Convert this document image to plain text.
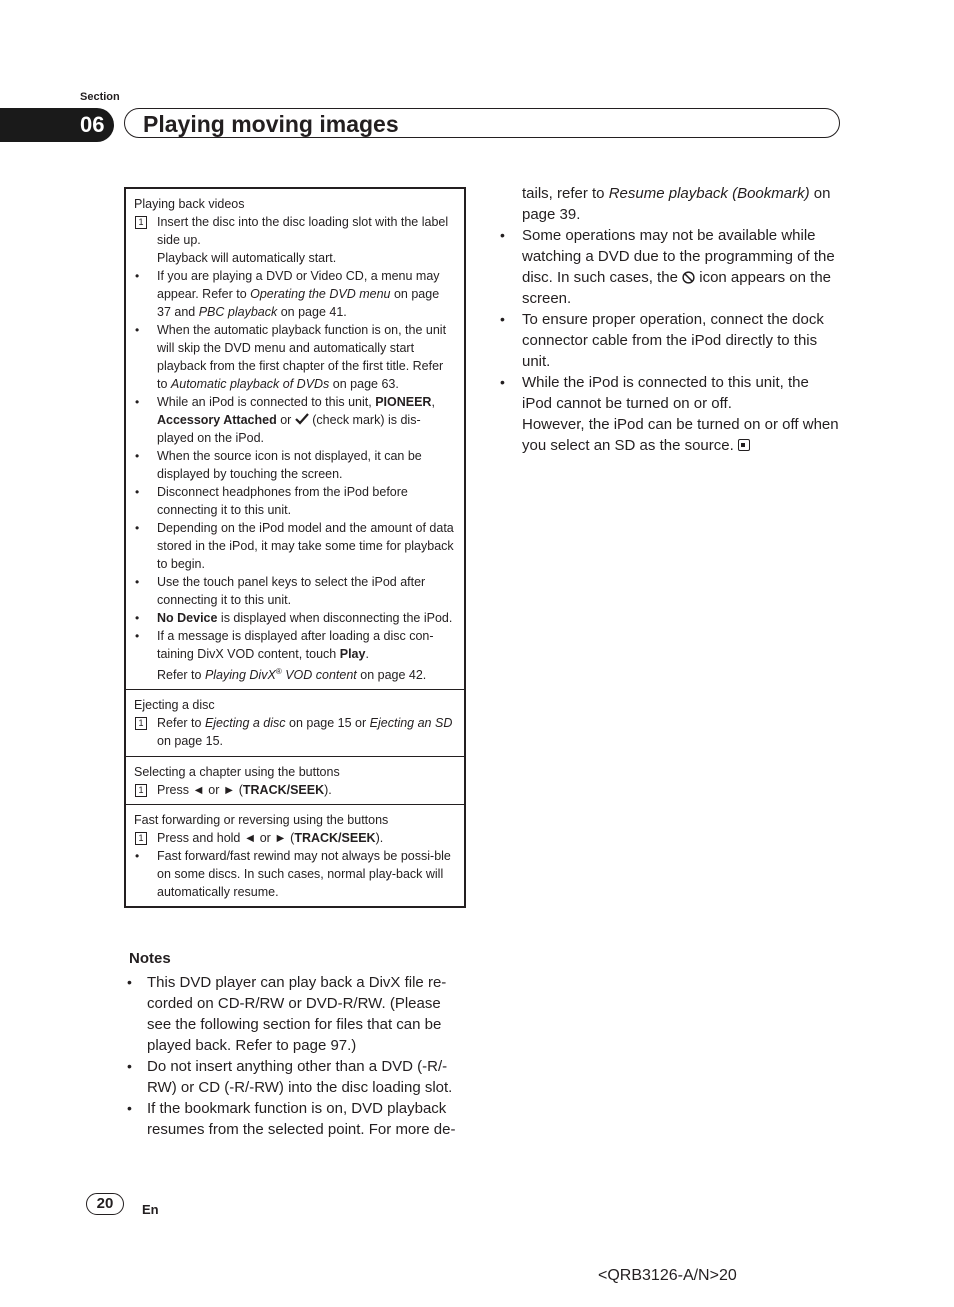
Section
06	Playing moving images
Playing back videos
1 Insert the disc into the disc loading slot with the label side up.
Playback will automatically start.
• If you are playing a DVD or Video CD, a menu may appear. Refer to Operating the DVD menu on page 37 and PBC playback on page 41.
• When the automatic playback function is on, the unit will skip the DVD menu and automatically start playback from the first chapter of the first title. Refer to Automatic playback of DVDs on page 63.
• While an iPod is connected to this unit, PIONEER, Accessory Attached or  (check mark) is dis-played on the iPod.
• When the source icon is not displayed, it can be displayed by touching the screen.
• Disconnect headphones from the iPod before connecting it to this unit.
• Depending on the iPod model and the amount of data stored in the iPod, it may take some time for playback to begin.
• Use the touch panel keys to select the iPod after connecting it to this unit.
• No Device is displayed when disconnecting the iPod.
• If a message is displayed after loading a disc con-taining DivX VOD content, touch Play.
Refer to Playing DivX® VOD content on page 42.
Ejecting a disc
1 Refer to Ejecting a disc on page 15 or Ejecting an SD on page 15.
Selecting a chapter using the buttons
1 Press ◄ or ► (TRACK/SEEK).
Fast forwarding or reversing using the buttons
1 Press and hold ◄ or ► (TRACK/SEEK).
• Fast forward/fast rewind may not always be possi-ble on some discs. In such cases, normal play-back will automatically resume.
Notes
• This DVD player can play back a DivX file re-corded on CD-R/RW or DVD-R/RW. (Please see the following section for files that can be played back. Refer to page 97.)
• Do not insert anything other than a DVD (-R/-RW) or CD (-R/-RW) into the disc loading slot.
• If the bookmark function is on, DVD playback resumes from the selected point. For more de-
tails, refer to Resume playback (Bookmark) on page 39.
• Some operations may not be available while watching a DVD due to the programming of the disc. In such cases, the  icon appears on the screen.
• To ensure proper operation, connect the dock connector cable from the iPod directly to this unit.
• While the iPod is connected to this unit, the iPod cannot be turned on or off.
However, the iPod can be turned on or off when you select an SD as the source.
20	En
<QRB3126-A/N>20
